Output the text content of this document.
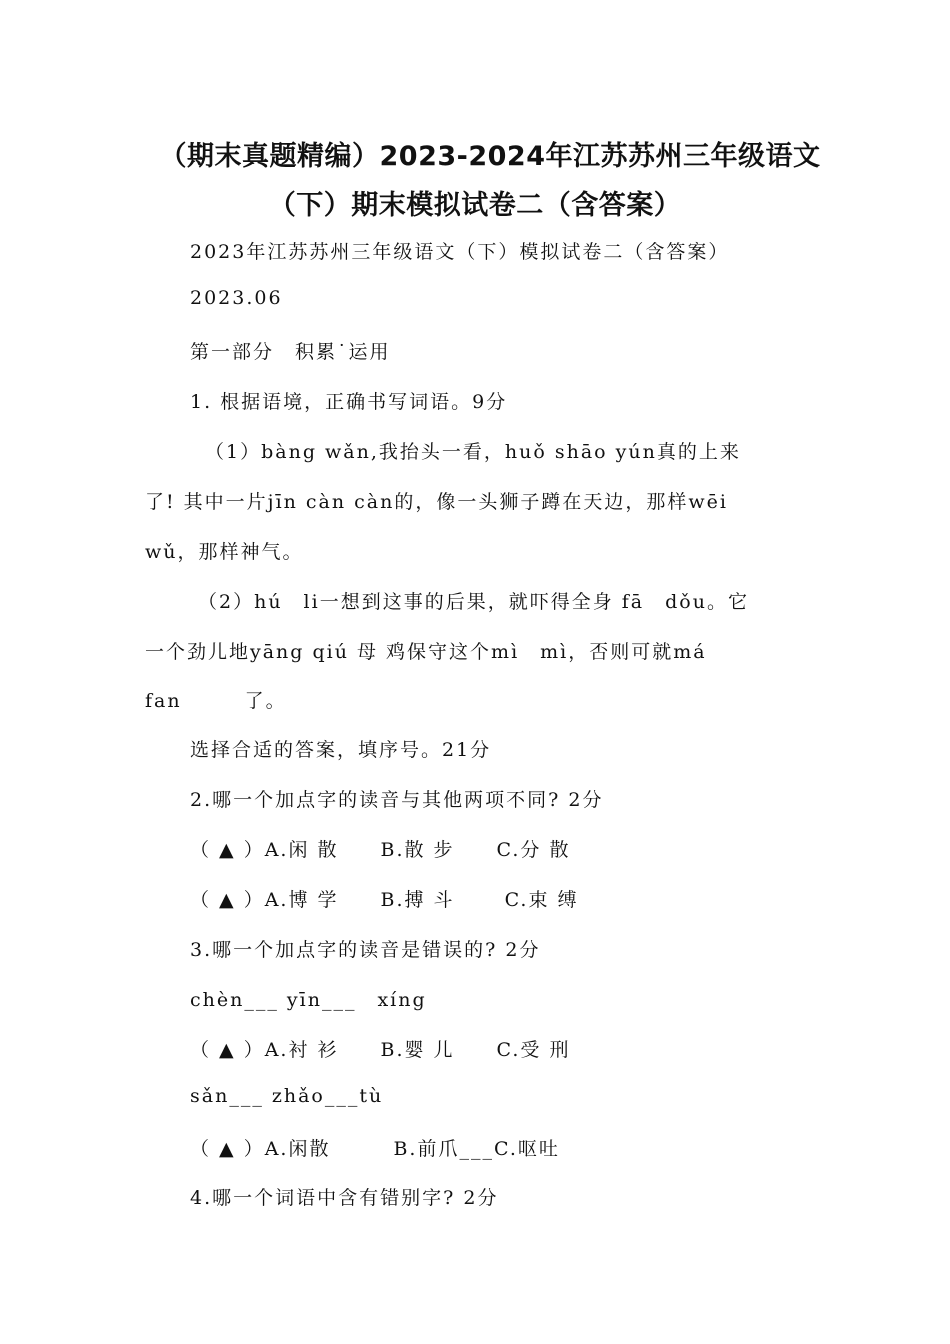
（期末真题精编）2023-2024年江苏苏州三年级语文
（下）期末模拟试卷二（含答案）
2023年江苏苏州三年级语文（下）模拟试卷二（含答案）
2023.06
第一部分　积累˙运用
1. 根据语境，正确书写词语。9分
（1）bàng wǎn,我抬头一看，huǒ shāo yún真的上来
了! 其中一片jīn càn càn的，像一头狮子蹲在天边，那样wēi
wǔ，那样神气。
（2）hú　li一想到这事的后果，就吓得全身 fā　dǒu。它
一个劲儿地yāng qiú 母 鸡保守这个mì　mì，否则可就má
fan　　　了。
选择合适的答案，填序号。21分
2.哪一个加点字的读音与其他两项不同? 2分
（ ▲ ）A.闲 散　　B.散 步　　C.分 散
（ ▲ ）A.博 学　　B.搏 斗　　 C.束 缚
3.哪一个加点字的读音是错误的? 2分
chèn___ yīn___　xíng
（ ▲ ）A.衬 衫　　B.婴 儿　　C.受 刑
sǎn___ zhǎo___tù
（ ▲ ）A.闲散　　　B.前爪___C.呕吐
4.哪一个词语中含有错别字? 2分
